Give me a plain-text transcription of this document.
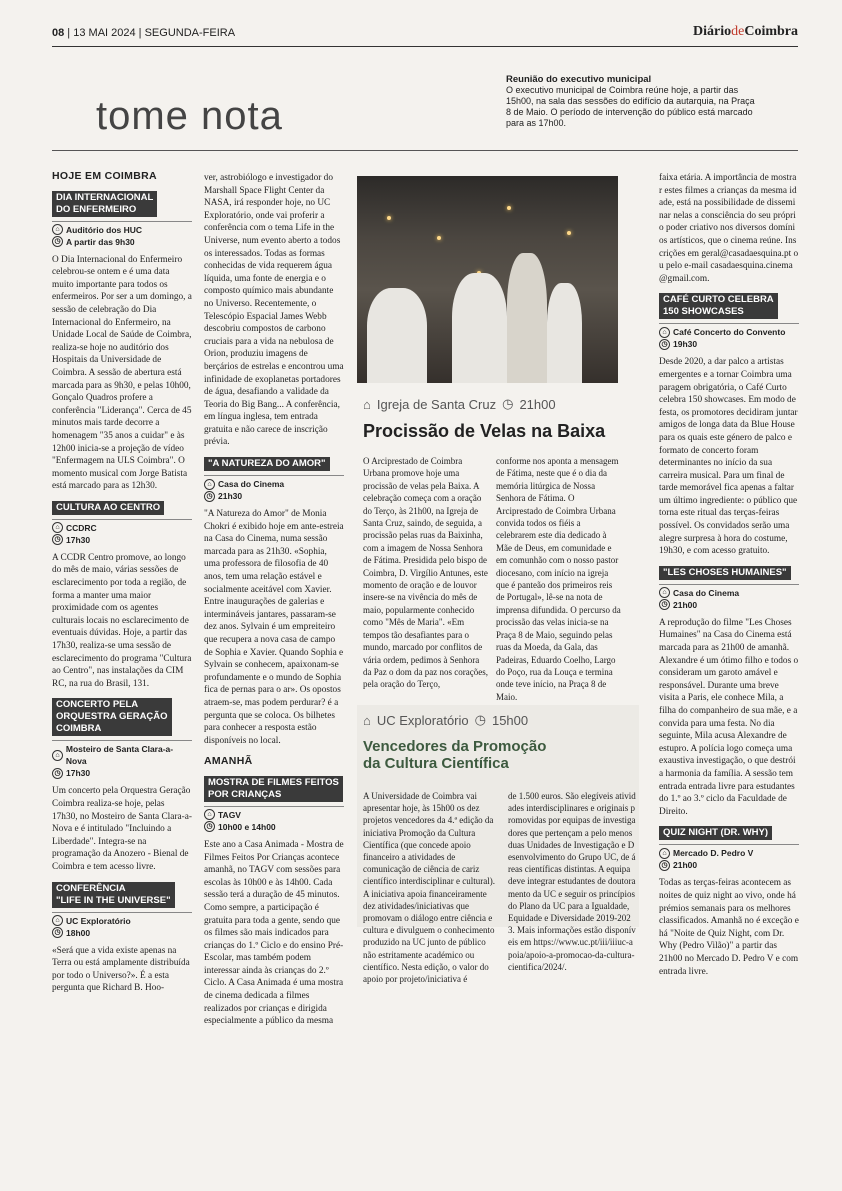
08 | 13 MAI 2024 | SEGUNDA-FEIRA	DiáriodeCoimbra
tome nota
Reunião do executivo municipal
O executivo municipal de Coimbra reúne hoje, a partir das 15h00, na sala das sessões do edifício da autarquia, na Praça 8 de Maio. O período de intervenção do público está marcado para as 17h00.
HOJE EM COIMBRA
DIA INTERNACIONAL
DO ENFERMEIRO
⌂ Auditório dos HUC
◷ A partir das 9h30

O Dia Internacional do Enfermeiro celebrou-se ontem e é uma data muito importante para todos os enfermeiros. Por ser a um domingo, a sessão de celebração do Dia Internacional do Enfermeiro, na Unidade Local de Saúde de Coimbra, realiza-se hoje no auditório dos Hospitais da Universidade de Coimbra. A sessão de abertura está marcada para as 9h30, e pelas 10h00, Gonçalo Quadros profere a conferência "Liderança". Cerca de 45 minutos mais tarde decorre a homenagem "35 anos a cuidar" e às 12h00 inicia-se a projeção de vídeo "Enfermagem na ULS Coimbra". O momento musical com Jorge Batista está marcado para as 12h30.

CULTURA AO CENTRO
⌂ CCDRC
◷ 17h30

A CCDR Centro promove, ao longo do mês de maio, várias sessões de esclarecimento por toda a região, de forma a manter uma maior proximidade com os agentes culturais locais no esclarecimento de eventuais dúvidas. Hoje, a partir das 17h30, realiza-se uma sessão de esclarecimento do programa "Cultura ao Centro", nas instalações da CIM RC, na rua do Brasil, 131.

CONCERTO PELA
ORQUESTRA GERAÇÃO
COIMBRA
⌂
Mosteiro de Santa Clara-a-Nova
◷ 17h30

Um concerto pela Orquestra Geração Coimbra realiza-se hoje, pelas 17h30, no Mosteiro de Santa Clara-a-Nova e é intitulado "Incluindo a Liberdade". Integra-se na programação da Anozero - Bienal de Coimbra e tem acesso livre.

CONFERÊNCIA
"LIFE IN THE UNIVERSE"
⌂ UC Exploratório
◷ 18h00

«Será que a vida existe apenas na Terra ou está amplamente distribuída por todo o Universo?». É a esta pergunta que Richard B. Hoo-

ver, astrobiólogo e investigador do Marshall Space Flight Center da NASA, irá responder hoje, no UC Exploratório, onde vai proferir a conferência com o tema Life in the Universe, num evento aberto a todos os interessados. Todas as formas conhecidas de vida requerem água líquida, uma fonte de energia e o composto químico mais abundante no Universo. Recentemente, o Telescópio Espacial James Webb descobriu compostos de carbono cruciais para a vida na nebulosa de Orion, produziu imagens de berçários de estrelas e encontrou uma infinidade de exoplanetas portadores de água, desafiando a validade da Teoria do Big Bang... A conferência, em língua inglesa, tem entrada gratuita e não carece de inscrição prévia.

"A NATUREZA DO AMOR"
⌂ Casa do Cinema
◷ 21h30

"A Natureza do Amor" de Monia Chokri é exibido hoje em ante-estreia na Casa do Cinema, numa sessão marcada para as 21h30. «Sophia, uma professora de filosofia de 40 anos, tem uma relação estável e socialmente aceitável com Xavier. Entre inaugurações de galerias e intermináveis jantares, passaram-se dez anos. Sylvain é um empreiteiro que recupera a nova casa de campo de Sophia e Xavier. Quando Sophia e Sylvain se conhecem, apaixonam-se profundamente e o mundo de Sophia fica de pernas para o ar». Os opostos atraem-se, mas podem perdurar? é a pergunta que se coloca. Os bilhetes para conhecer a resposta estão disponíveis no local.

AMANHÃ
MOSTRA DE FILMES FEITOS
POR CRIANÇAS
⌂ TAGV
◷ 10h00 e 14h00

Este ano a Casa Animada - Mostra de Filmes Feitos Por Crianças acontece amanhã, no TAGV com sessões para escolas às 10h00 e às 14h00. Cada sessão terá a duração de 45 minutos. Como sempre, a participação é gratuita para toda a gente, sendo que os filmes são mais indicados para crianças do 1.º Ciclo e do ensino Pré-Escolar, mas também podem interessar ainda às crianças do 2.º Ciclo. A Casa Animada é uma mostra de cinema dedicada a filmes realizados por crianças e dirigida especialmente a público da mesma

⌂ Igreja de Santa Cruz ◷ 21h00
Procissão de Velas na Baixa
O Arciprestado de Coimbra Urbana promove hoje uma procissão de velas pela Baixa. A celebração começa com a oração do Terço, às 21h00, na Igreja de Santa Cruz, saindo, de seguida, a procissão pelas ruas da Baixinha, com a imagem de Nossa Senhora de Fátima. Presidida pelo bispo de Coimbra, D. Virgílio Antunes, este momento de oração e de louvor insere-se na vivência do mês de maio, popularmente conhecido como "Mês de Maria". «Em tempos tão desafiantes para o mundo, marcado por conflitos de vária ordem, pedimos à Senhora da Paz o dom da paz nos corações, pela oração do Terço,
conforme nos aponta a mensagem de Fátima, neste que é o dia da memória litúrgica de Nossa Senhora de Fátima. O Arciprestado de Coimbra Urbana convida todos os fiéis a celebrarem este dia dedicado à Mãe de Deus, em comunidade e em comunhão com o nosso pastor diocesano, com início na igreja que é panteão dos primeiros reis de Portugal», lê-se na nota de imprensa difundida. O percurso da procissão das velas inicia-se na Praça 8 de Maio, seguindo pelas ruas da Moeda, da Gala, das Padeiras, Eduardo Coelho, Largo do Poço, rua da Louça e termina onde teve início, na Praça 8 de Maio.
⌂ UC Exploratório ◷ 15h00
Vencedores da Promoção
da Cultura Científica
A Universidade de Coimbra vai apresentar hoje, às 15h00 os dez projetos vencedores da 4.ª edição da iniciativa Promoção da Cultura Científica (que concede apoio financeiro a atividades de comunicação de ciência de cariz científico interdisciplinar e cultural). A iniciativa apoia financeiramente dez atividades/iniciativas que promovam o diálogo entre ciência e cultura e divulguem o conhecimento produzido na UC junto de público não estritamente académico ou científico. Nesta edição, o valor do apoio por projeto/iniciativa é
de 1.500 euros. São elegíveis atividades interdisciplinares e originais promovidas por equipas de investigadores que pertençam a pelo menos duas Unidades de Investigação e Desenvolvimento do Grupo UC, de áreas científicas distintas. A equipa deve integrar estudantes de doutoramento da UC e seguir os princípios do Plano da UC para a Igualdade, Equidade e Diversidade 2019-2023. Mais informações estão disponíveis em https://www.uc.pt/iii/iiiuc-apoia/apoio-a-promocao-da-cultura-cientifica/2024/.

faixa etária. A importância de mostrar estes filmes a crianças da mesma idade, está na possibilidade de disseminar nelas a consciência do seu próprio poder criativo nos diversos domínios artísticos, que o cinema reúne. Inscrições em geral@casadaesquina.pt ou pelo e-mail casadaesquina.cinema@gmail.com.

CAFÉ CURTO CELEBRA
150 SHOWCASES
⌂ Café Concerto do Convento
◷ 19h30

Desde 2020, a dar palco a artistas emergentes e a tornar Coimbra uma paragem obrigatória, o Café Curto celebra 150 showcases. Em modo de festa, os promotores decidiram juntar amigos de longa data da Blue House para os quais este género de palco e formato de concerto foram determinantes no início da sua carreira musical. Para um final de tarde memorável fica apenas a faltar um último ingrediente: o público que torna este ritual das terças-feiras possível. Os convidados serão uma alegre surpresa à hora do costume, 19h30, e com acesso gratuito.

"LES CHOSES HUMAINES"
⌂ Casa do Cinema
◷ 21h00

A reprodução do filme "Les Choses Humaines" na Casa do Cinema está marcada para as 21h00 de amanhã. Alexandre é um ótimo filho e todos o consideram um garoto amável e responsável. Durante uma breve visita a Paris, ele conhece Mila, a filha do companheiro de sua mãe, e a convida para uma festa. No dia seguinte, Mila acusa Alexandre de estupro. A polícia logo começa uma exaustiva investigação, o que destrói a harmonia da família. A sessão tem entrada entrada livre para estudantes do 1.º ao 3.º ciclo da Faculdade de Direito.

QUIZ NIGHT (DR. WHY)
⌂ Mercado D. Pedro V
◷ 21h00

Todas as terças-feiras acontecem as noites de quiz night ao vivo, onde há prémios semanais para os melhores classificados. Amanhã no é exceção e há "Noite de Quiz Night, com Dr. Why (Pedro Vilão)" a partir das 21h00 no Mercado D. Pedro V e com entrada livre.
